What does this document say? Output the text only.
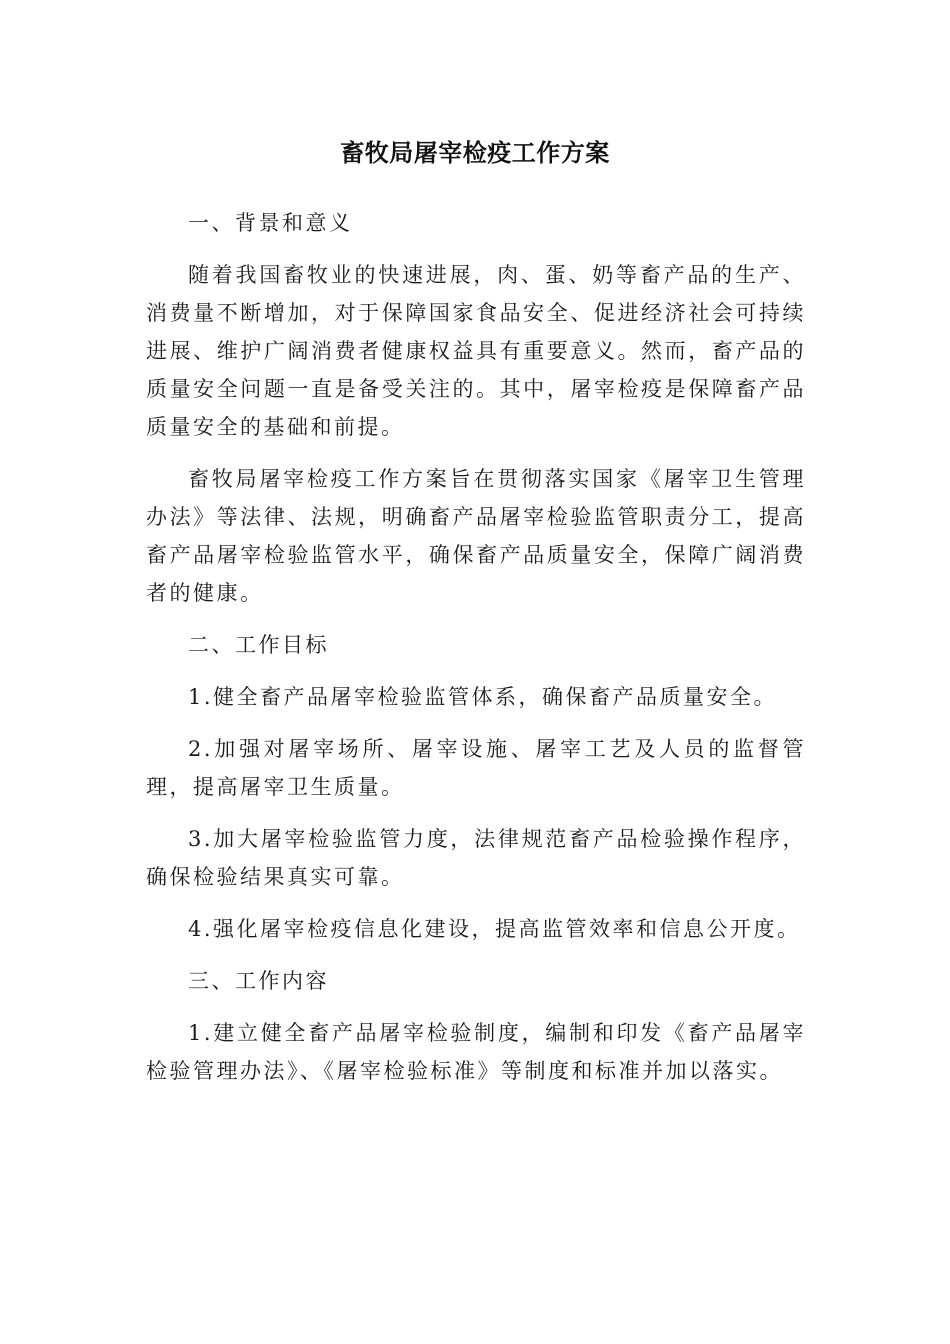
畜牧局屠宰检疫工作方案

一、背景和意义

随着我国畜牧业的快速进展，肉、蛋、奶等畜产品的生产、消费量不断增加，对于保障国家食品安全、促进经济社会可持续进展、维护广阔消费者健康权益具有重要意义。然而，畜产品的质量安全问题一直是备受关注的。其中，屠宰检疫是保障畜产品质量安全的基础和前提。

畜牧局屠宰检疫工作方案旨在贯彻落实国家《屠宰卫生管理办法》等法律、法规，明确畜产品屠宰检验监管职责分工，提高畜产品屠宰检验监管水平，确保畜产品质量安全，保障广阔消费者的健康。

二、工作目标

1.健全畜产品屠宰检验监管体系，确保畜产品质量安全。

2.加强对屠宰场所、屠宰设施、屠宰工艺及人员的监督管理，提高屠宰卫生质量。

3.加大屠宰检验监管力度，法律规范畜产品检验操作程序，确保检验结果真实可靠。

4.强化屠宰检疫信息化建设，提高监管效率和信息公开度。

三、工作内容

1.建立健全畜产品屠宰检验制度，编制和印发《畜产品屠宰检验管理办法》、《屠宰检验标准》等制度和标准并加以落实。
